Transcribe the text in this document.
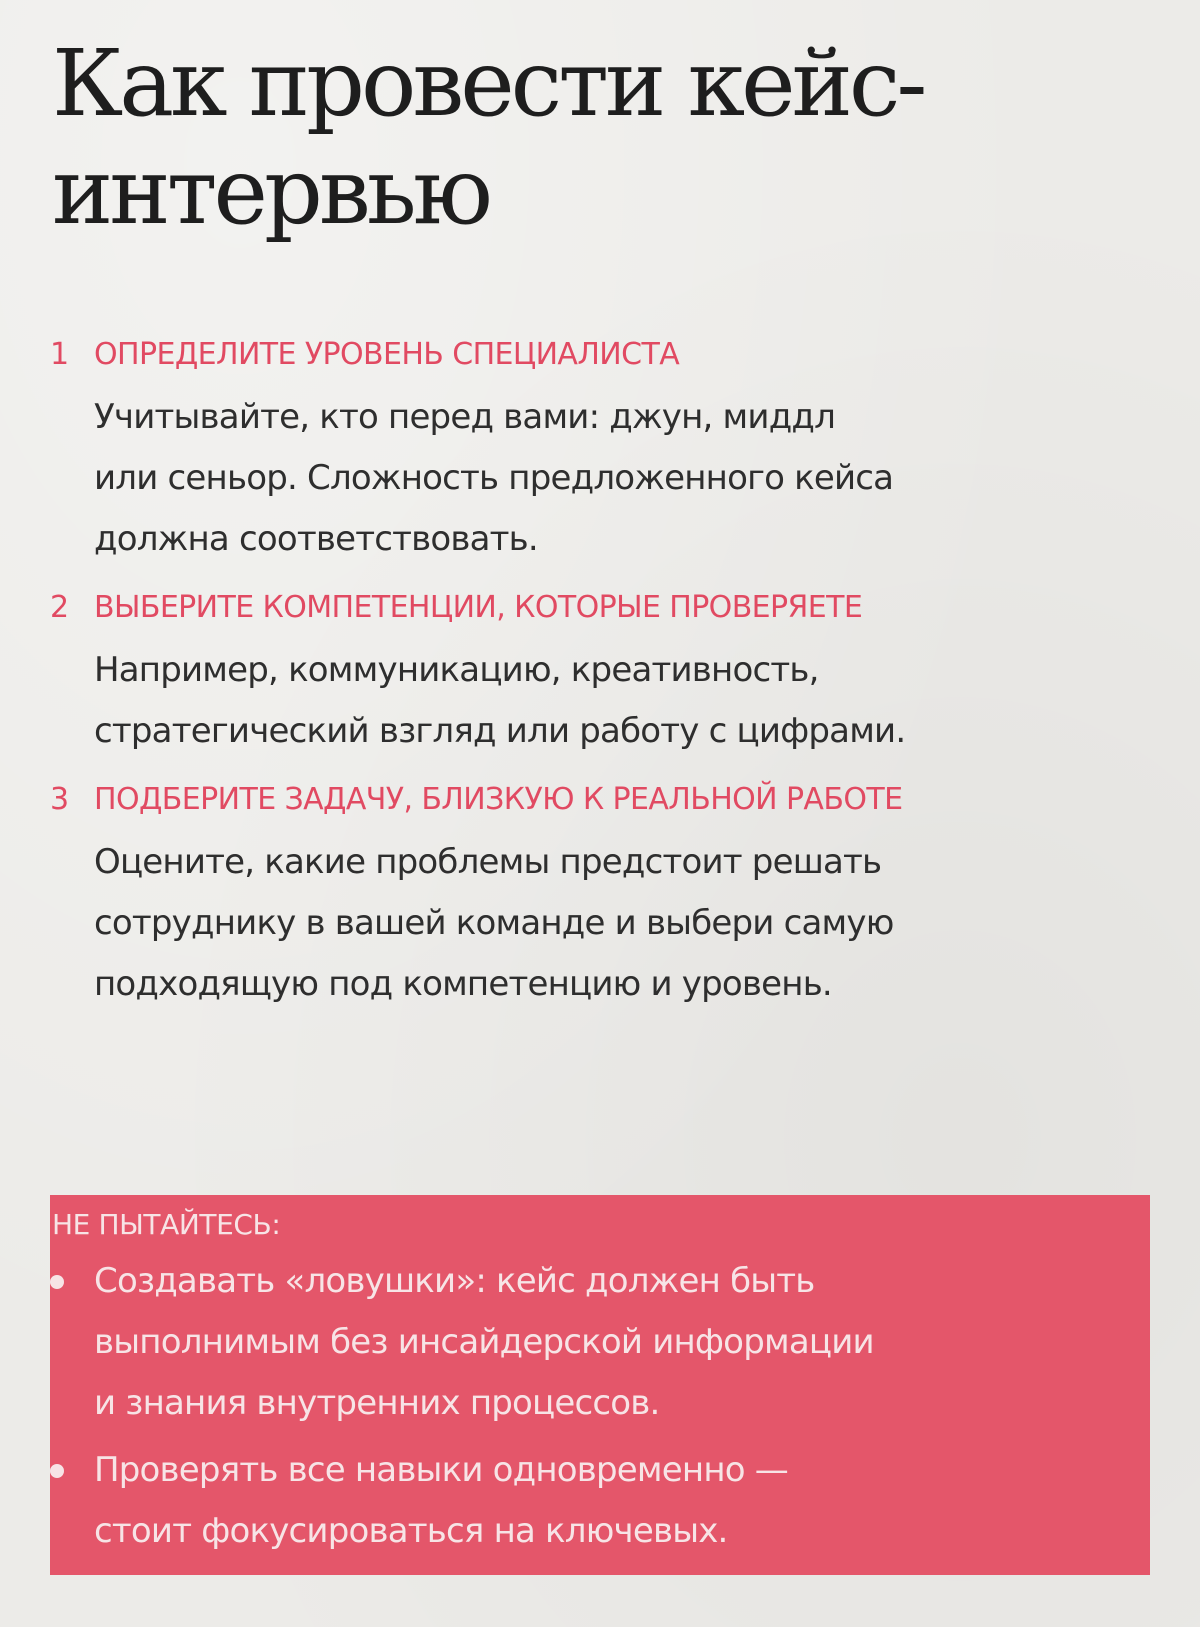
Как провести кейс-
интервью
1 ОПРЕДЕЛИТЕ УРОВЕНЬ СПЕЦИАЛИСТА
Учитывайте, кто перед вами: джун, миддл
или сеньор. Сложность предложенного кейса
должна соответствовать.
2 ВЫБЕРИТЕ КОМПЕТЕНЦИИ, КОТОРЫЕ ПРОВЕРЯЕТЕ
Например, коммуникацию, креативность,
стратегический взгляд или работу с цифрами.
3 ПОДБЕРИТЕ ЗАДАЧУ, БЛИЗКУЮ К РЕАЛЬНОЙ РАБОТЕ
Оцените, какие проблемы предстоит решать
сотруднику в вашей команде и выбери самую
подходящую под компетенцию и уровень.
НЕ ПЫТАЙТЕСЬ:
Создавать «ловушки»: кейс должен быть
выполнимым без инсайдерской информации
и знания внутренних процессов.
Проверять все навыки одновременно —
стоит фокусироваться на ключевых.
